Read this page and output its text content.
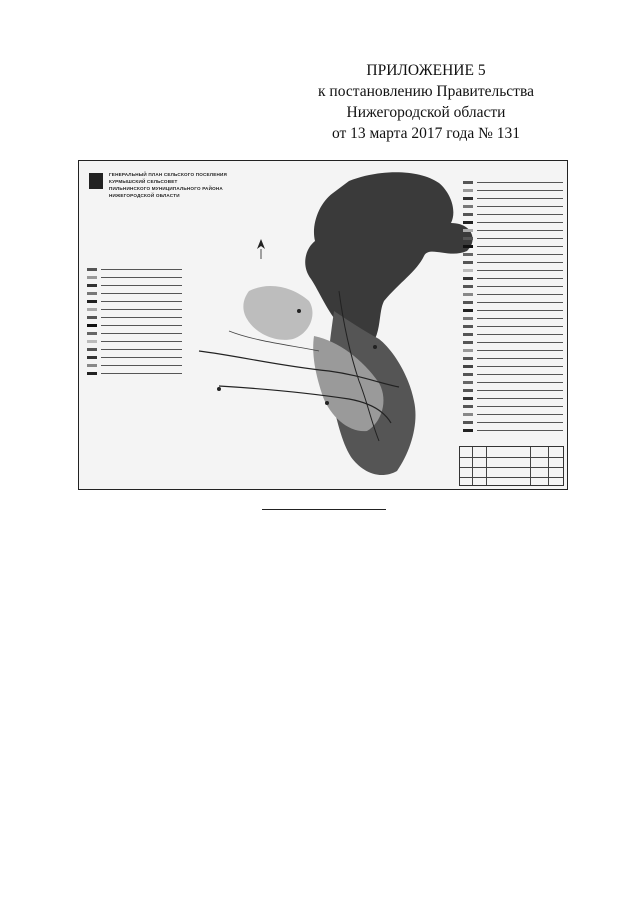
ПРИЛОЖЕНИЕ 5
к постановлению Правительства
Нижегородской области
от 13 марта 2017 года № 131
ГЕНЕРАЛЬНЫЙ ПЛАН СЕЛЬСКОГО ПОСЕЛЕНИЯ
КУРМЫШСКИЙ СЕЛЬСОВЕТ
ПИЛЬНИНСКОГО МУНИЦИПАЛЬНОГО РАЙОНА
НИЖЕГОРОДСКОЙ ОБЛАСТИ
